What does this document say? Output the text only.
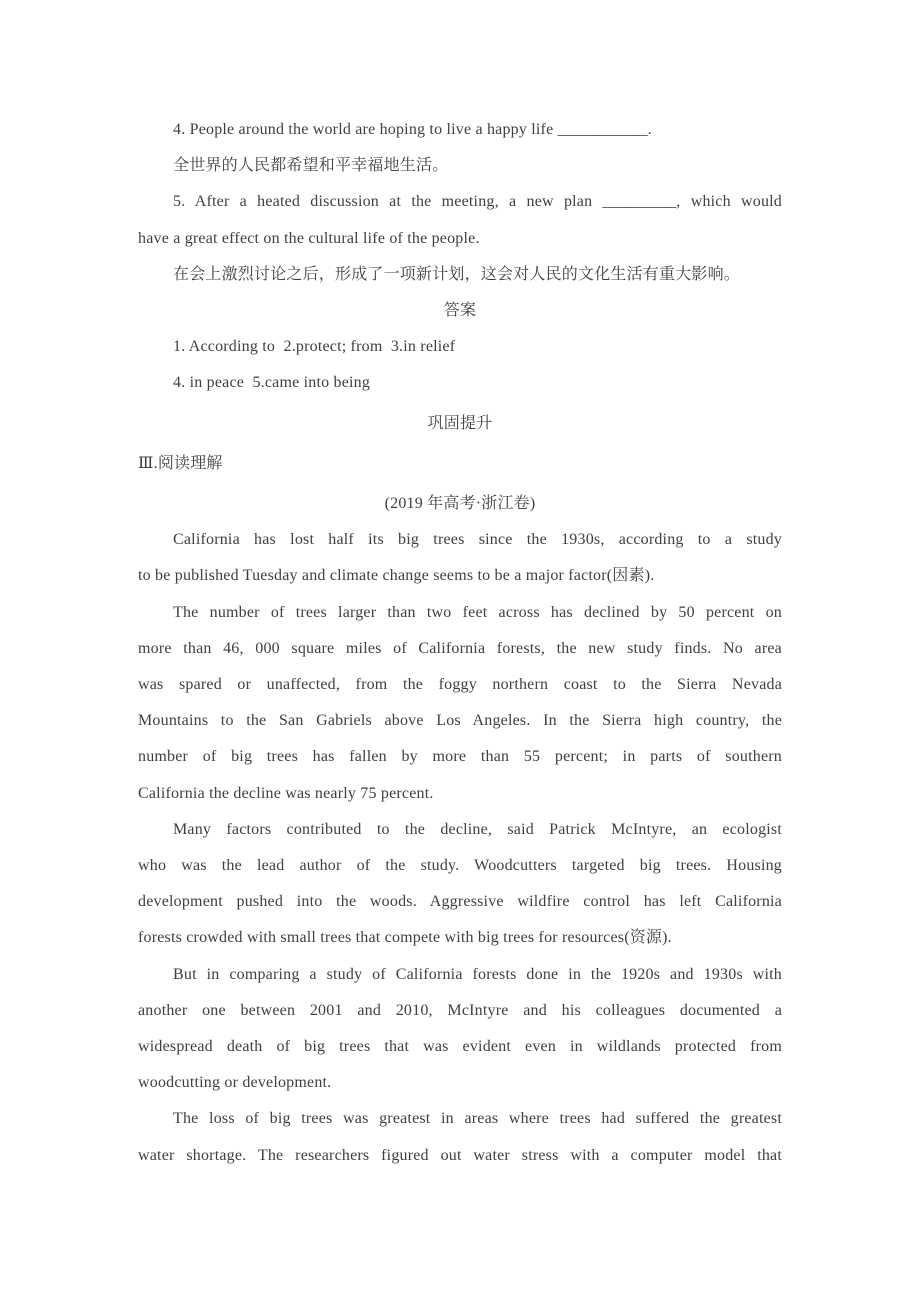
4. People around the world are hoping to live a happy life ___________.
全世界的人民都希望和平幸福地生活。
5. After a heated discussion at the meeting, a new plan _________, which would
have a great effect on the cultural life of the people.
在会上激烈讨论之后，形成了一项新计划，这会对人民的文化生活有重大影响。
答案
1. According to  2.protect; from  3.in relief
4. in peace  5.came into being
巩固提升
Ⅲ.阅读理解
(2019 年高考·浙江卷)
California has lost half its big trees since the 1930s, according to a study
to be published Tuesday and climate change seems to be a major factor(因素).
The number of trees larger than two feet across has declined by 50 percent on
more than 46, 000 square miles of California forests, the new study finds. No area
was spared or unaffected, from the foggy northern coast to the Sierra Nevada
Mountains to the San Gabriels above Los Angeles. In the Sierra high country, the
number of big trees has fallen by more than 55 percent; in parts of southern
California the decline was nearly 75 percent.
Many factors contributed to the decline, said Patrick McIntyre, an ecologist
who was the lead author of the study. Woodcutters targeted big trees. Housing
development pushed into the woods. Aggressive wildfire control has left California
forests crowded with small trees that compete with big trees for resources(资源).
But in comparing a study of California forests done in the 1920s and 1930s with
another one between 2001 and 2010, McIntyre and his colleagues documented a
widespread death of big trees that was evident even in wildlands protected from
woodcutting or development.
The loss of big trees was greatest in areas where trees had suffered the greatest
water shortage. The researchers figured out water stress with a computer model that
